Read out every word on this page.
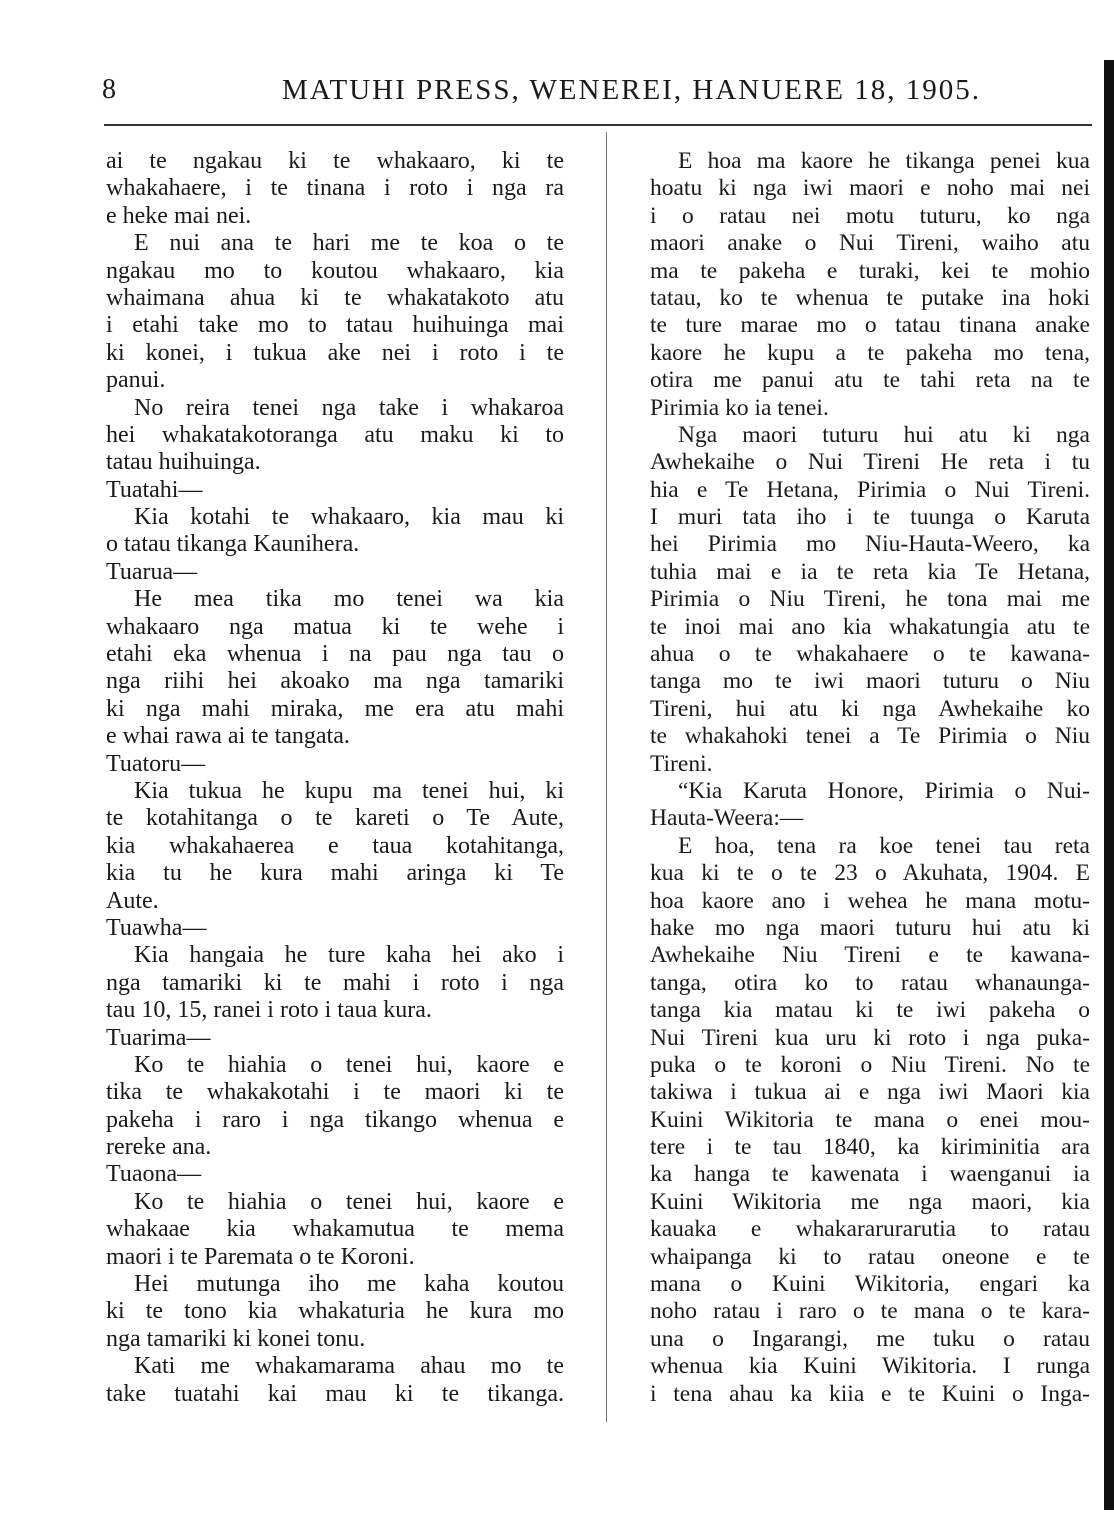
8	MATUHI PRESS, WENEREI, HANUERE 18, 1905.
ai te ngakau ki te whakaaro, ki te
whakahaere, i te tinana i roto i nga ra
e heke mai nei.
E nui ana te hari me te koa o te
ngakau mo to koutou whakaaro, kia
whaimana ahua ki te whakatakoto atu
i etahi take mo to tatau huihuinga mai
ki konei, i tukua ake nei i roto i te
panui.
No reira tenei nga take i whakaroa
hei whakatakotoranga atu maku ki to
tatau huihuinga.
Tuatahi—
Kia kotahi te whakaaro, kia mau ki
o tatau tikanga Kaunihera.
Tuarua—
He mea tika mo tenei wa kia
whakaaro nga matua ki te wehe i
etahi eka whenua i na pau nga tau o
nga riihi hei akoako ma nga tamariki
ki nga mahi miraka, me era atu mahi
e whai rawa ai te tangata.
Tuatoru—
Kia tukua he kupu ma tenei hui, ki
te kotahitanga o te kareti o Te Aute,
kia whakahaerea e taua kotahitanga,
kia tu he kura mahi aringa ki Te
Aute.
Tuawha—
Kia hangaia he ture kaha hei ako i
nga tamariki ki te mahi i roto i nga
tau 10, 15, ranei i roto i taua kura.
Tuarima—
Ko te hiahia o tenei hui, kaore e
tika te whakakotahi i te maori ki te
pakeha i raro i nga tikango whenua e
rereke ana.
Tuaona—
Ko te hiahia o tenei hui, kaore e
whakaae kia whakamutua te mema
maori i te Paremata o te Koroni.
Hei mutunga iho me kaha koutou
ki te tono kia whakaturia he kura mo
nga tamariki ki konei tonu.
Kati me whakamarama ahau mo te
take tuatahi kai mau ki te tikanga.
E hoa ma kaore he tikanga penei kua
hoatu ki nga iwi maori e noho mai nei
i o ratau nei motu tuturu, ko nga
maori anake o Nui Tireni, waiho atu
ma te pakeha e turaki, kei te mohio
tatau, ko te whenua te putake ina hoki
te ture marae mo o tatau tinana anake
kaore he kupu a te pakeha mo tena,
otira me panui atu te tahi reta na te
Pirimia ko ia tenei.
Nga maori tuturu hui atu ki nga
Awhekaihe o Nui Tireni He reta i tu
hia e Te Hetana, Pirimia o Nui Tireni.
I muri tata iho i te tuunga o Karuta
hei Pirimia mo Niu-Hauta-Weero, ka
tuhia mai e ia te reta kia Te Hetana,
Pirimia o Niu Tireni, he tona mai me
te inoi mai ano kia whakatungia atu te
ahua o te whakahaere o te kawana-
tanga mo te iwi maori tuturu o Niu
Tireni, hui atu ki nga Awhekaihe ko
te whakahoki tenei a Te Pirimia o Niu
Tireni.
“Kia Karuta Honore, Pirimia o Nui-
Hauta-Weera:—
E hoa, tena ra koe tenei tau reta
kua ki te o te 23 o Akuhata, 1904. E
hoa kaore ano i wehea he mana motu-
hake mo nga maori tuturu hui atu ki
Awhekaihe Niu Tireni e te kawana-
tanga, otira ko to ratau whanaunga-
tanga kia matau ki te iwi pakeha o
Nui Tireni kua uru ki roto i nga puka-
puka o te koroni o Niu Tireni. No te
takiwa i tukua ai e nga iwi Maori kia
Kuini Wikitoria te mana o enei mou-
tere i te tau 1840, ka kiriminitia ara
ka hanga te kawenata i waenganui ia
Kuini Wikitoria me nga maori, kia
kauaka e whakararurarutia to ratau
whaipanga ki to ratau oneone e te
mana o Kuini Wikitoria, engari ka
noho ratau i raro o te mana o te kara-
una o Ingarangi, me tuku o ratau
whenua kia Kuini Wikitoria. I runga
i tena ahau ka kiia e te Kuini o Inga-
